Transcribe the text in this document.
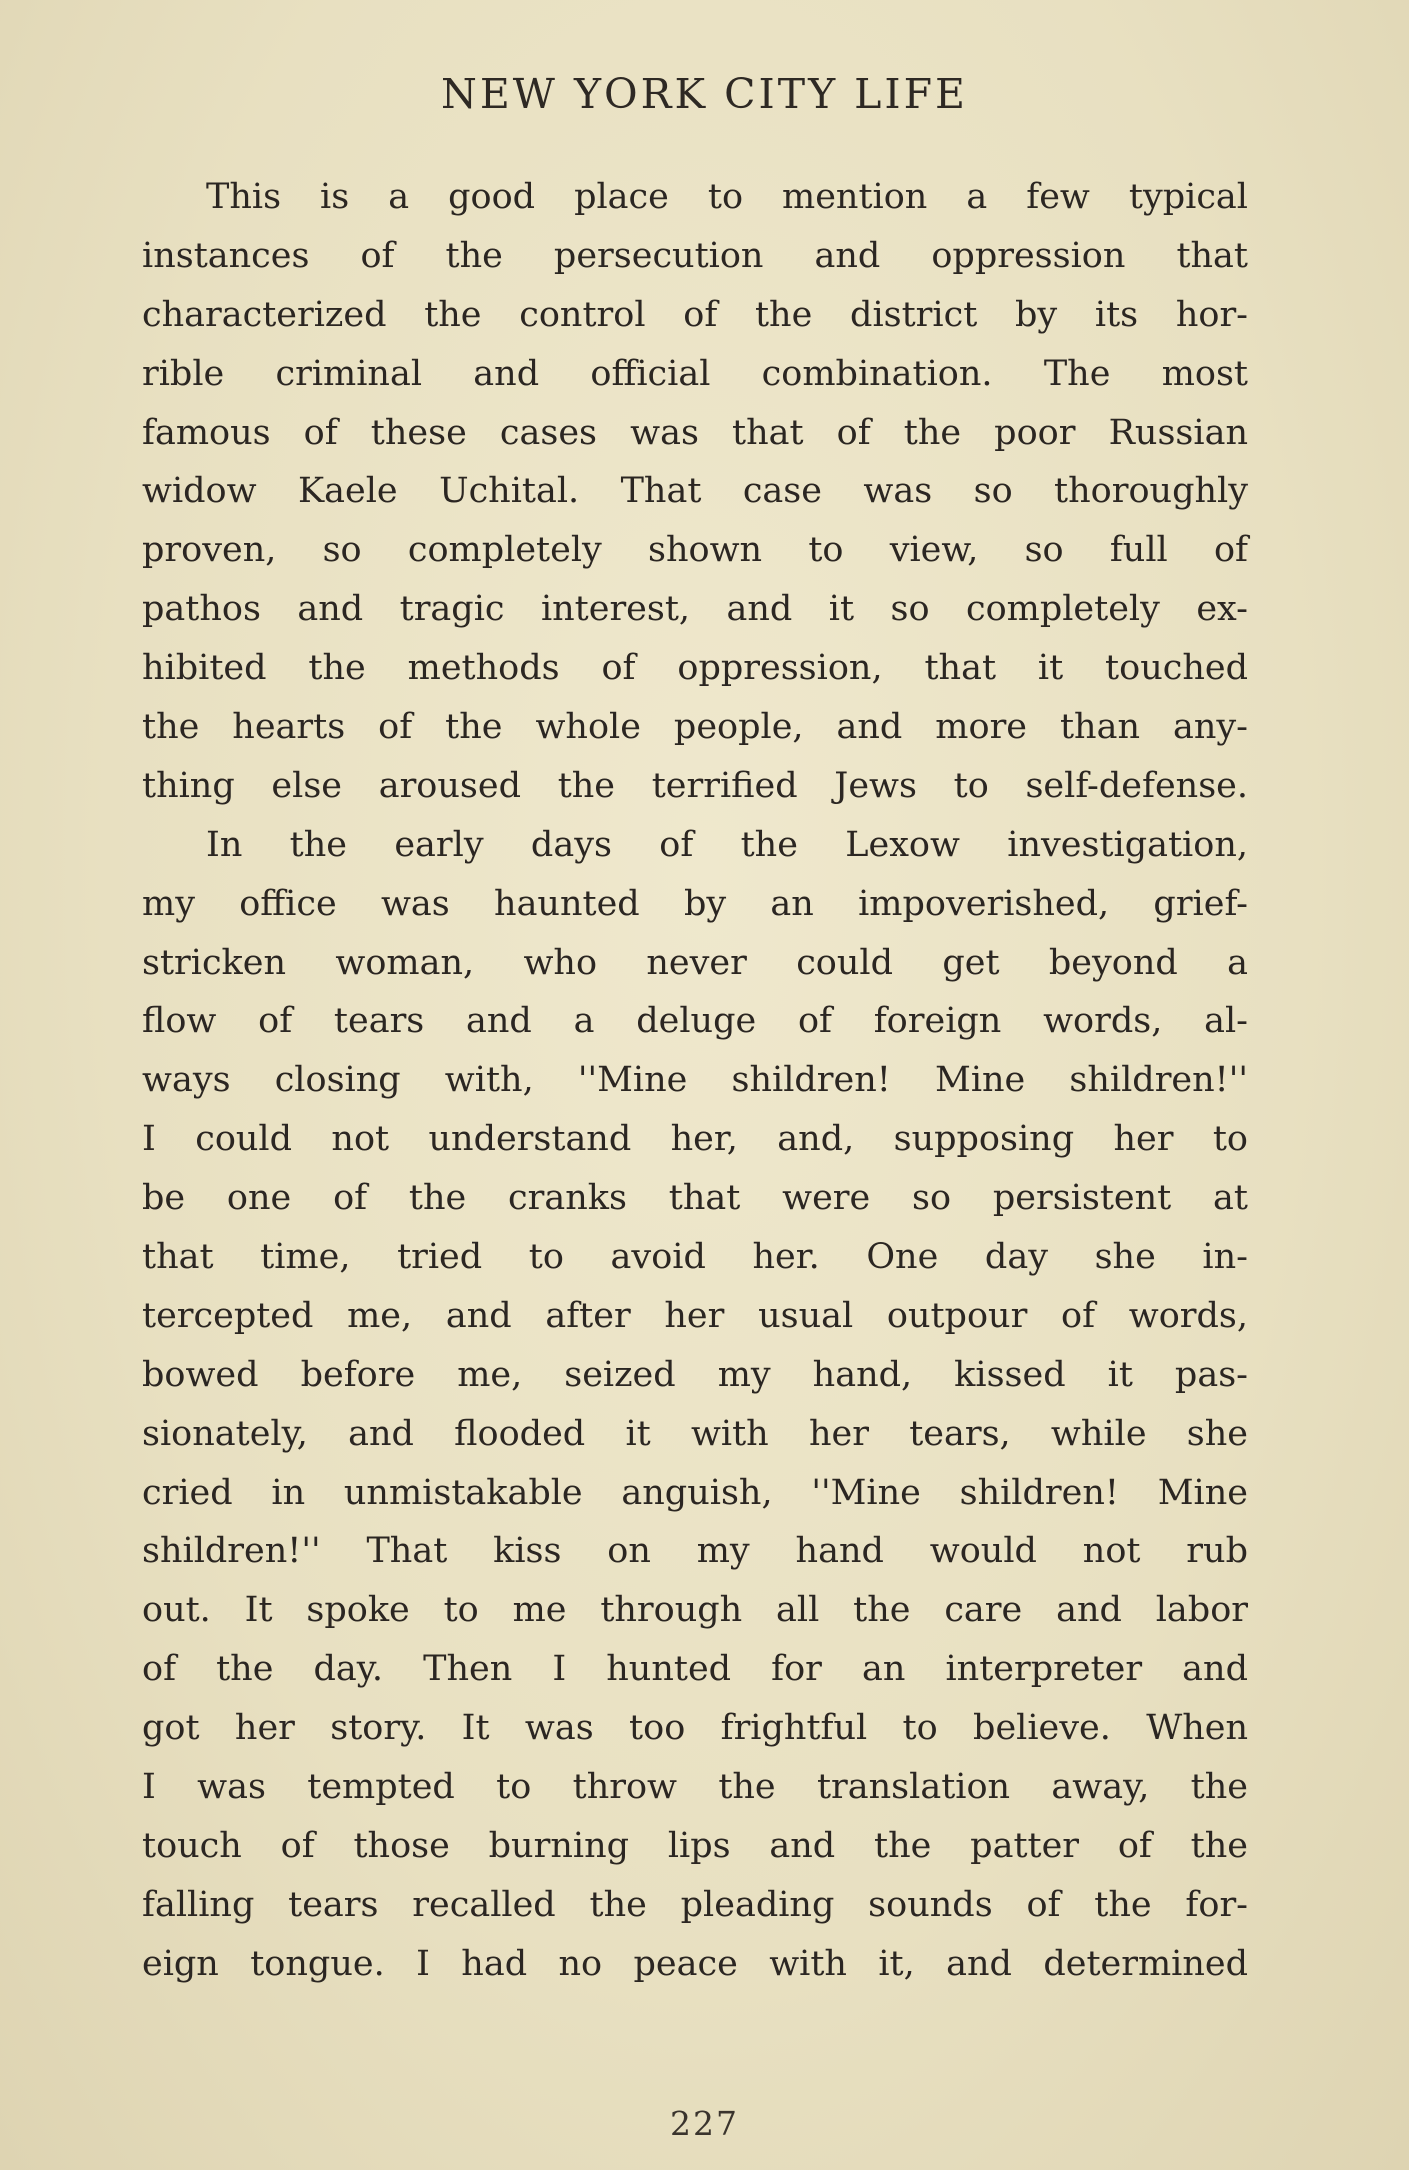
NEW YORK CITY LIFE
This is a good place to mention a few typical
instances of the persecution and oppression that
characterized the control of the district by its hor-
rible criminal and official combination. The most
famous of these cases was that of the poor Russian
widow Kaele Uchital. That case was so thoroughly
proven, so completely shown to view, so full of
pathos and tragic interest, and it so completely ex-
hibited the methods of oppression, that it touched
the hearts of the whole people, and more than any-
thing else aroused the terrified Jews to self-defense.
In the early days of the Lexow investigation,
my office was haunted by an impoverished, grief-
stricken woman, who never could get beyond a
flow of tears and a deluge of foreign words, al-
ways closing with, ''Mine shildren! Mine shildren!''
I could not understand her, and, supposing her to
be one of the cranks that were so persistent at
that time, tried to avoid her. One day she in-
tercepted me, and after her usual outpour of words,
bowed before me, seized my hand, kissed it pas-
sionately, and flooded it with her tears, while she
cried in unmistakable anguish, ''Mine shildren! Mine
shildren!'' That kiss on my hand would not rub
out. It spoke to me through all the care and labor
of the day. Then I hunted for an interpreter and
got her story. It was too frightful to believe. When
I was tempted to throw the translation away, the
touch of those burning lips and the patter of the
falling tears recalled the pleading sounds of the for-
eign tongue. I had no peace with it, and determined
227
